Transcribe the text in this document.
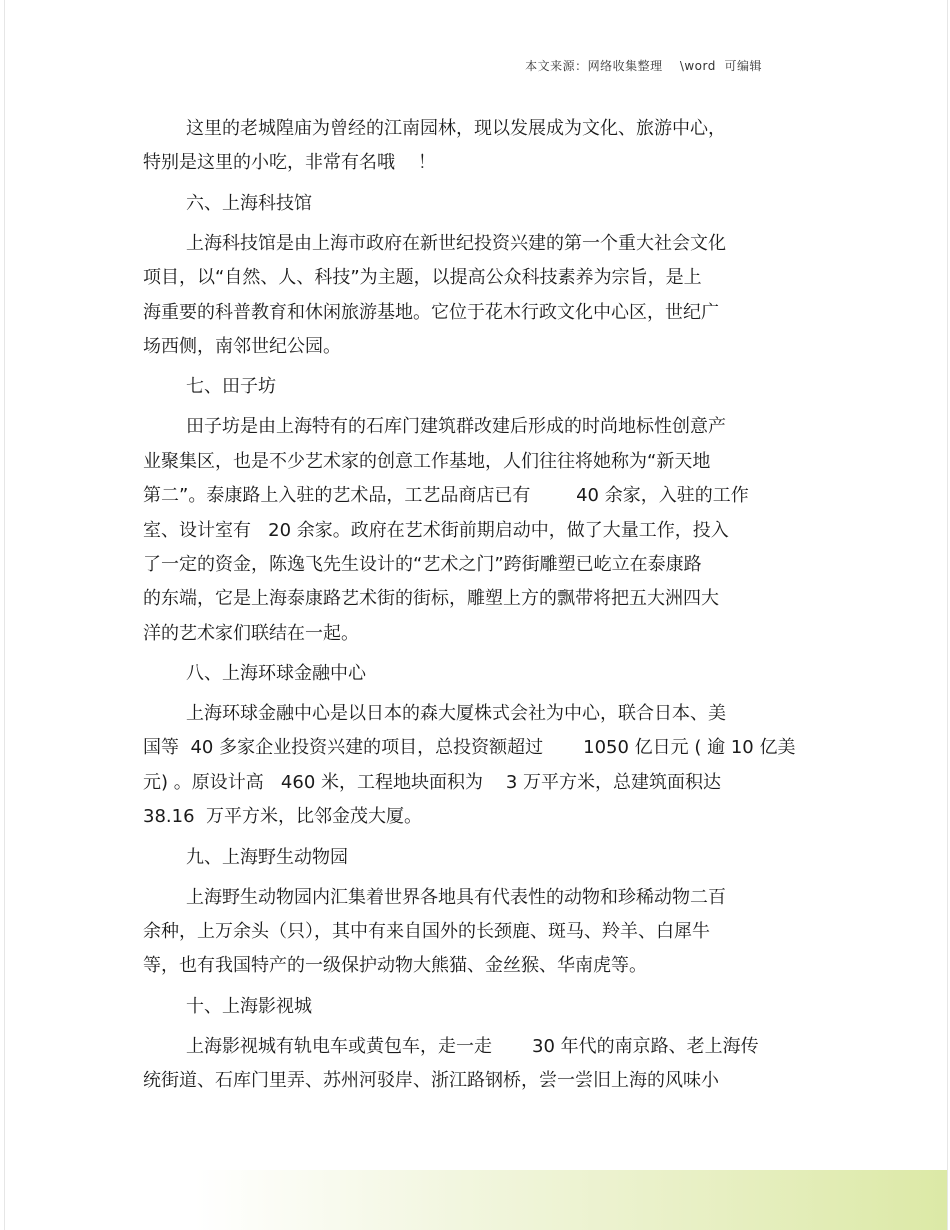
本文来源：网络收集整理    \word  可编辑
这里的老城隍庙为曾经的江南园林，现以发展成为文化、旅游中心，
特别是这里的小吃，非常有名哦    ！
六、上海科技馆
上海科技馆是由上海市政府在新世纪投资兴建的第一个重大社会文化
项目，以“自然、人、科技”为主题，以提高公众科技素养为宗旨，是上
海重要的科普教育和休闲旅游基地。它位于花木行政文化中心区，世纪广
场西侧，南邻世纪公园。
七、田子坊
田子坊是由上海特有的石库门建筑群改建后形成的时尚地标性创意产
业聚集区，也是不少艺术家的创意工作基地，人们往往将她称为“新天地
第二”。泰康路上入驻的艺术品，工艺品商店已有        40 余家，入驻的工作
室、设计室有   20 余家。政府在艺术街前期启动中，做了大量工作，投入
了一定的资金，陈逸飞先生设计的“艺术之门”跨街雕塑已屹立在泰康路
的东端，它是上海泰康路艺术街的街标，雕塑上方的飘带将把五大洲四大
洋的艺术家们联结在一起。
八、上海环球金融中心
上海环球金融中心是以日本的森大厦株式会社为中心，联合日本、美
国等  40 多家企业投资兴建的项目，总投资额超过       1050 亿日元 ( 逾 10 亿美
元) 。原设计高   460 米，工程地块面积为    3 万平方米，总建筑面积达
38.16  万平方米，比邻金茂大厦。
九、上海野生动物园
上海野生动物园内汇集着世界各地具有代表性的动物和珍稀动物二百
余种，上万余头（只），其中有来自国外的长颈鹿、斑马、羚羊、白犀牛
等，也有我国特产的一级保护动物大熊猫、金丝猴、华南虎等。
十、上海影视城
上海影视城有轨电车或黄包车，走一走       30 年代的南京路、老上海传
统街道、石库门里弄、苏州河驳岸、浙江路钢桥，尝一尝旧上海的风味小
